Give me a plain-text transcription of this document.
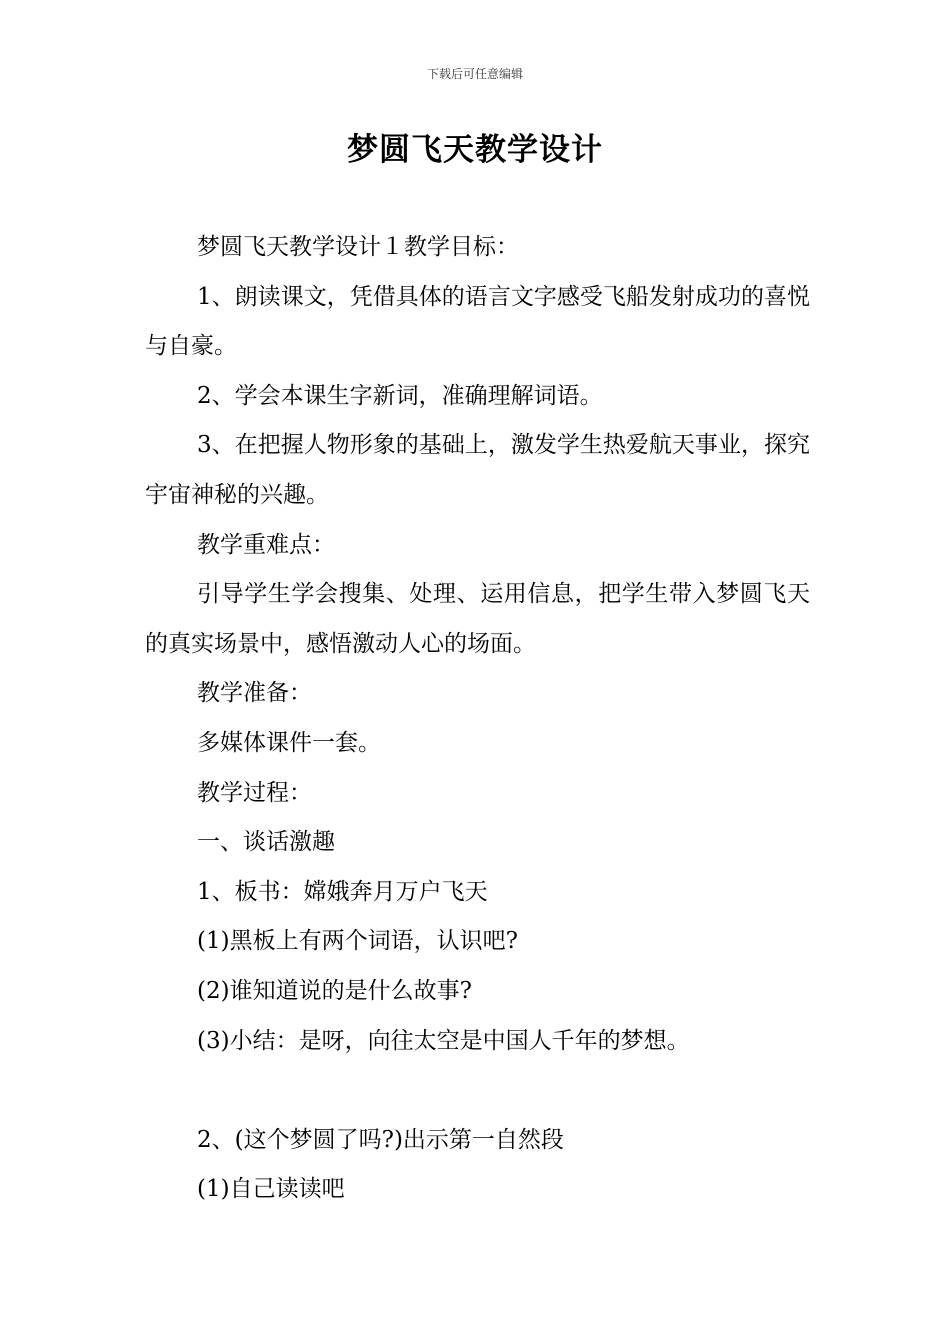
下载后可任意编辑
梦圆飞天教学设计

梦圆飞天教学设计１教学目标：

1、朗读课文，凭借具体的语言文字感受飞船发射成功的喜悦与自豪。

2、学会本课生字新词，准确理解词语。

3、在把握人物形象的基础上，激发学生热爱航天事业，探究宇宙神秘的兴趣。

教学重难点：

引导学生学会搜集、处理、运用信息，把学生带入梦圆飞天的真实场景中，感悟激动人心的场面。

教学准备：

多媒体课件一套。

教学过程：

一、谈话激趣

1、板书：嫦娥奔月万户飞天

(1)黑板上有两个词语，认识吧?

(2)谁知道说的是什么故事?

(3)小结：是呀，向往太空是中国人千年的梦想。

2、(这个梦圆了吗?)出示第一自然段

(1)自己读读吧
